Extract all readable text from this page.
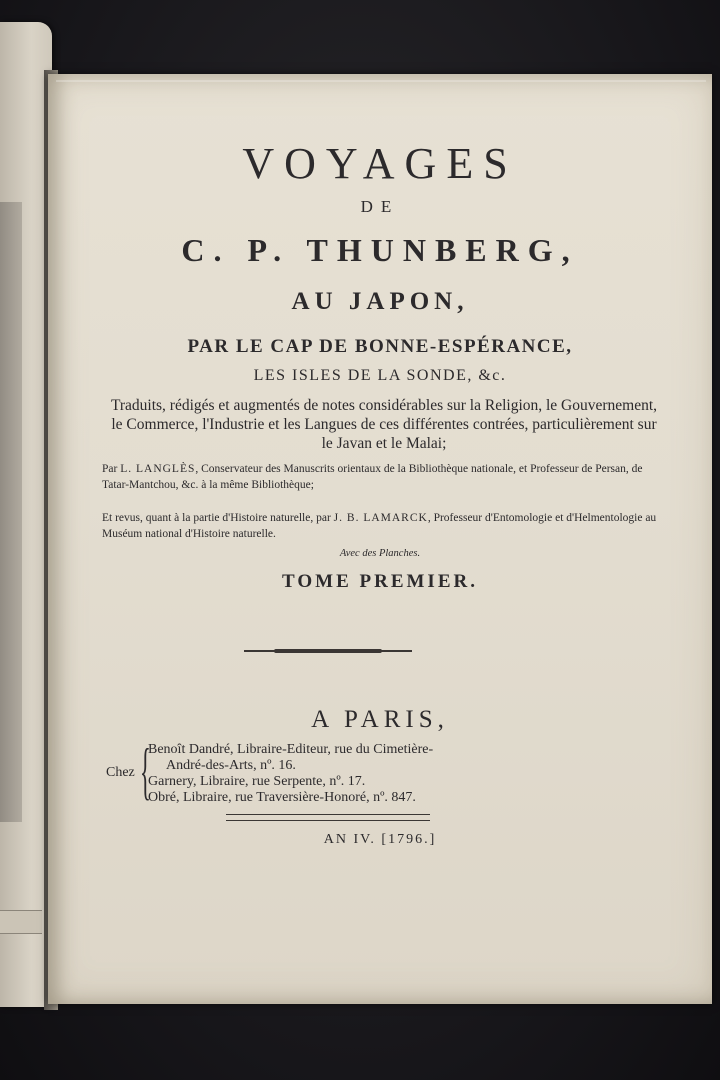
VOYAGES
DE
C. P. THUNBERG,
AU JAPON,
PAR LE CAP DE BONNE-ESPÉRANCE,
LES ISLES DE LA SONDE, &c.
Traduits, rédigés et augmentés de notes considérables sur la Religion, le Gouvernement, le Commerce, l'Industrie et les Langues de ces différentes contrées, particulièrement sur le Javan et le Malai;
Par L. LANGLÈS, Conservateur des Manuscrits orientaux de la Bibliothèque nationale, et Professeur de Persan, de Tatar-Mantchou, &c. à la même Bibliothèque;
Et revus, quant à la partie d'Histoire naturelle, par J. B. LAMARCK, Professeur d'Entomologie et d'Helmentologie au Muséum national d'Histoire naturelle.
Avec des Planches.
TOME PREMIER.
A PARIS,
Chez {
Benoît Dandré, Libraire-Editeur, rue du Cimetière-
André-des-Arts, nº. 16.
Garnery, Libraire, rue Serpente, nº. 17.
Obré, Libraire, rue Traversière-Honoré, nº. 847.
AN IV. [1796.]
